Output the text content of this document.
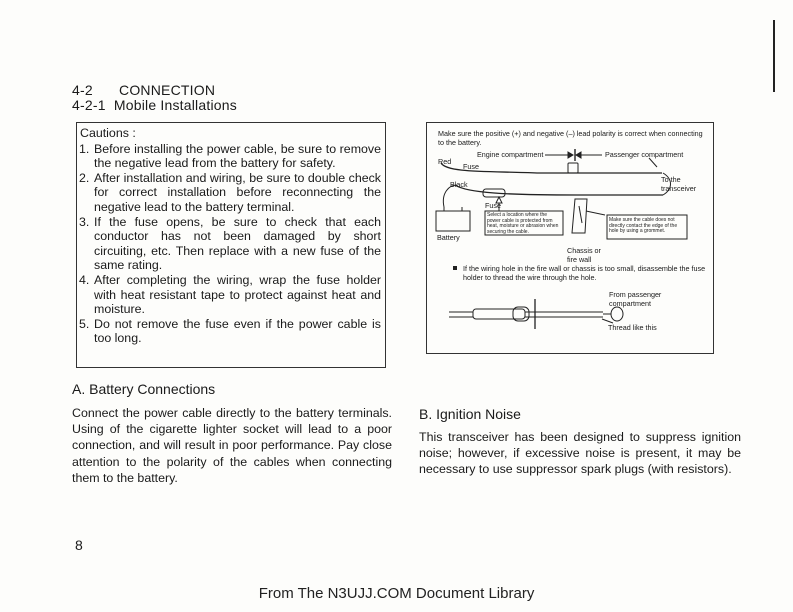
4-2 CONNECTION
4-2-1  Mobile Installations
Cautions :
1. Before installing the power cable, be sure to remove the negative lead from the battery for safety.
2. After installation and wiring, be sure to double check for correct installation before reconnecting the negative lead to the battery terminal.
3. If the fuse opens, be sure to check that each conductor has not been damaged by short circuiting, etc. Then replace with a new fuse of the same rating.
4. After completing the wiring, wrap the fuse holder with heat resistant tape to protect against heat and moisture.
5. Do not remove the fuse even if the power cable is too long.
A. Battery Connections
Connect the power cable directly to the battery terminals. Using of the cigarette lighter socket will lead to a poor connection, and will result in poor performance. Pay close attention to the polarity of the cables when connecting them to the battery.
B. Ignition Noise
This transceiver has been designed to suppress ignition noise; however, if excessive noise is present, it may be necessary to use suppressor spark plugs (with resistors).
Make sure the positive (+) and negative (–) lead polarity is correct when connecting to the battery.
Engine compartment	Passenger compartment
Red
Fuse
Black
Fuse
To the transceiver
Battery
Select a location where the power cable is protected from heat, moisture or abrasion when securing the cable.
Make sure the cable does not directly contact the edge of the hole by using a grommet.
Chassis or fire wall
If the wiring hole in the fire wall or chassis is too small, disassemble the fuse holder to thread the wire through the hole.
From passenger compartment
Thread like this
8
From The N3UJJ.COM Document Library
